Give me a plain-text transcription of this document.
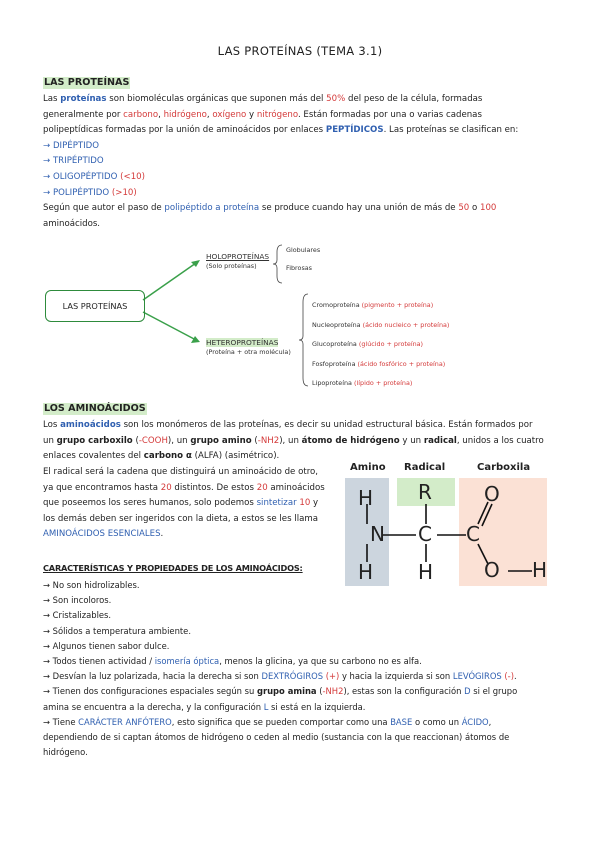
LAS PROTEÍNAS (TEMA 3.1)
LAS PROTEÍNAS
Las proteínas son biomoléculas orgánicas que suponen más del 50% del peso de la célula, formadas
generalmente por carbono, hidrógeno, oxígeno y nitrógeno. Están formadas por una o varias cadenas
polipeptídicas formadas por la unión de aminoácidos por enlaces PEPTÍDICOS. Las proteínas se clasifican en:
→ DIPÉPTIDO
→ TRIPÉPTIDO
→ OLIGOPÉPTIDO (<10)
→ POLIPÉPTIDO (>10)
Según que autor el paso de polipéptido a proteína se produce cuando hay una unión de más de 50 o 100
aminoácidos.
LAS PROTEÍNAS
HOLOPROTEÍNAS
(Solo proteínas)
Globulares
Fibrosas
HETEROPROTEÍNAS
(Proteína + otra molécula)
Cromoproteína (pigmento + proteína)
Nucleoproteína (ácido nucleico + proteína)
Glucoproteína (glúcido + proteína)
Fosfoproteína (ácido fosfórico + proteína)
Lipoproteína (lípido + proteína)
LOS AMINOÁCIDOS
Los aminoácidos son los monómeros de las proteínas, es decir su unidad estructural básica. Están formados por
un grupo carboxilo (-COOH), un grupo amino (-NH2), un átomo de hidrógeno y un radical, unidos a los cuatro
enlaces covalentes del carbono α (ALFA) (asimétrico).
El radical será la cadena que distinguirá un aminoácido de otro,
ya que encontramos hasta 20 distintos. De estos 20 aminoácidos
que poseemos los seres humanos, solo podemos sintetizar 10 y
los demás deben ser ingeridos con la dieta, a estos se les llama
AMINOÁCIDOS ESENCIALES.
Amino Radical	Carboxila
H
N
H
R
C
H
C
O
O H
CARACTERÍSTICAS Y PROPIEDADES DE LOS AMINOÁCIDOS:
→ No son hidrolizables.
→ Son incoloros.
→ Cristalizables.
→ Sólidos a temperatura ambiente.
→ Algunos tienen sabor dulce.
→ Todos tienen actividad / isomería óptica, menos la glicina, ya que su carbono no es alfa.
→ Desvían la luz polarizada, hacia la derecha si son DEXTRÓGIROS (+) y hacia la izquierda si son LEVÓGIROS (-).
→ Tienen dos configuraciones espaciales según su grupo amina (-NH2), estas son la configuración D si el grupo
amina se encuentra a la derecha, y la configuración L si está en la izquierda.
→ Tiene CARÁCTER ANFÓTERO, esto significa que se pueden comportar como una BASE o como un ÁCIDO,
dependiendo de si captan átomos de hidrógeno o ceden al medio (sustancia con la que reaccionan) átomos de
hidrógeno.
